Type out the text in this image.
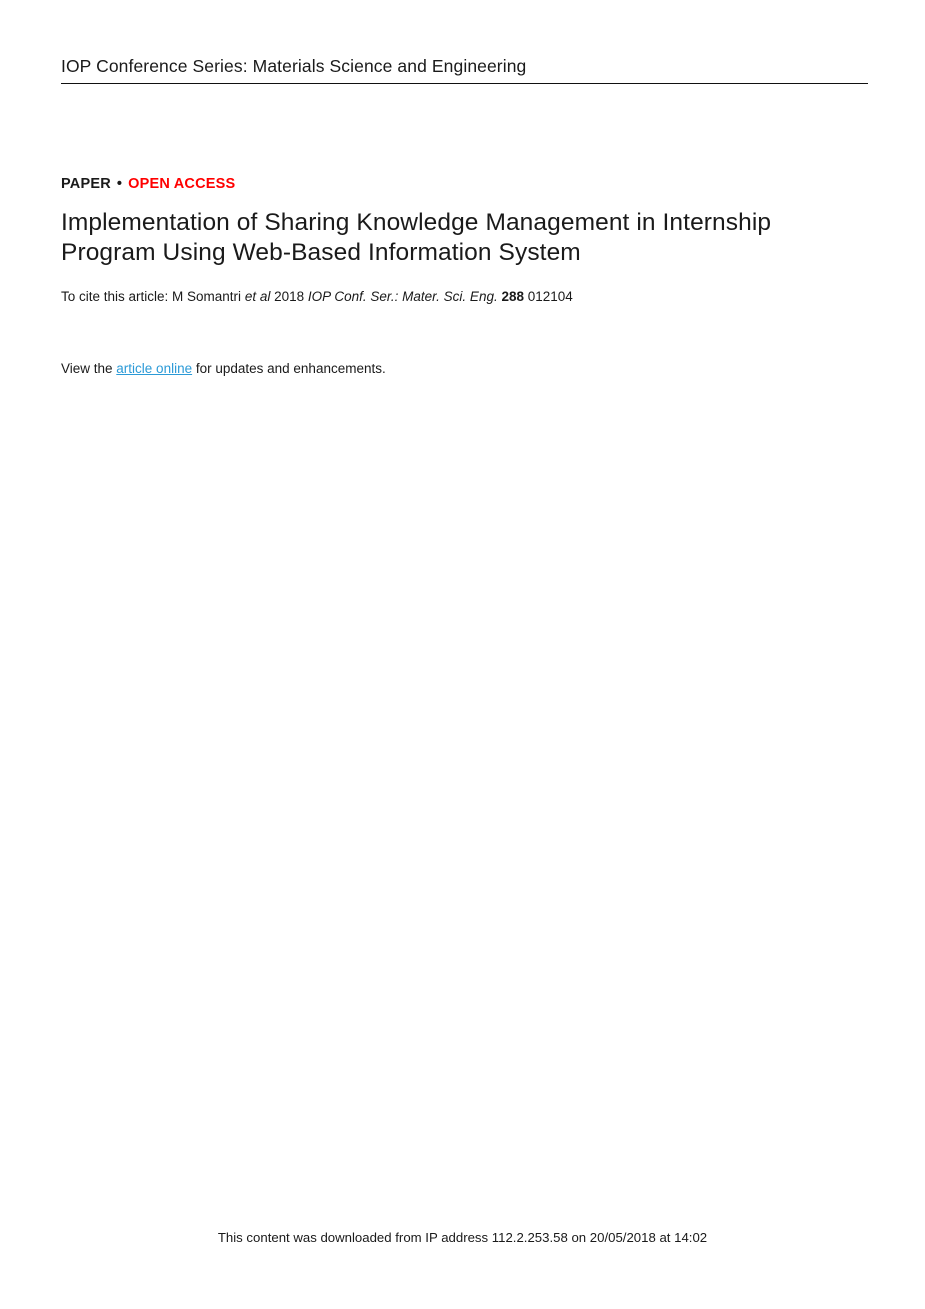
IOP Conference Series: Materials Science and Engineering
PAPER • OPEN ACCESS
Implementation of Sharing Knowledge Management in Internship Program Using Web-Based Information System

To cite this article: M Somantri et al 2018 IOP Conf. Ser.: Mater. Sci. Eng. 288 012104

View the article online for updates and enhancements.

This content was downloaded from IP address 112.2.253.58 on 20/05/2018 at 14:02
